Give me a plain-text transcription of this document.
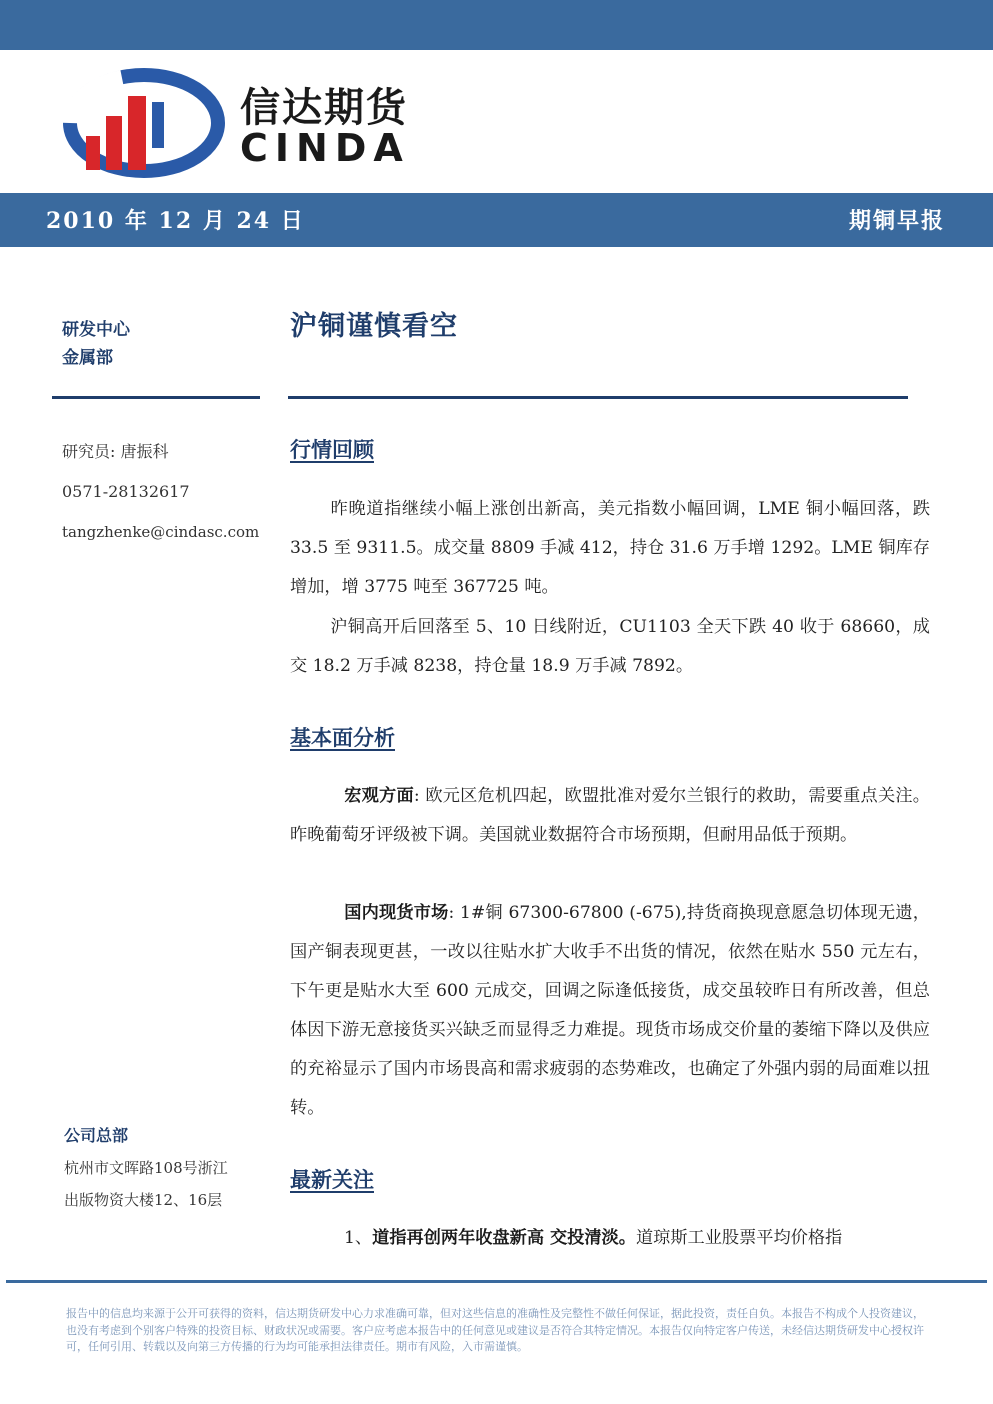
信达期货
CINDA
2010 年 12 月 24 日	期铜早报
研发中心
金属部
沪铜谨慎看空
研究员: 唐振科
0571-28132617
tangzhenke@cindasc.com
公司总部
杭州市文晖路108号浙江
出版物资大楼12、16层
行情回顾
昨晚道指继续小幅上涨创出新高，美元指数小幅回调，LME 铜小幅回落，跌 33.5 至 9311.5。成交量 8809 手减 412，持仓 31.6 万手增 1292。LME 铜库存增加，增 3775 吨至 367725 吨。
沪铜高开后回落至 5、10 日线附近，CU1103 全天下跌 40 收于 68660，成交 18.2 万手减 8238，持仓量 18.9 万手减 7892。
基本面分析
宏观方面: 欧元区危机四起，欧盟批准对爱尔兰银行的救助，需要重点关注。昨晚葡萄牙评级被下调。美国就业数据符合市场预期，但耐用品低于预期。
国内现货市场: 1#铜 67300-67800 (-675),持货商换现意愿急切体现无遗，国产铜表现更甚，一改以往贴水扩大收手不出货的情况，依然在贴水 550 元左右，下午更是贴水大至 600 元成交，回调之际逢低接货，成交虽较昨日有所改善，但总体因下游无意接货买兴缺乏而显得乏力难提。现货市场成交价量的萎缩下降以及供应的充裕显示了国内市场畏高和需求疲弱的态势难改，也确定了外强内弱的局面难以扭转。
最新关注
1、道指再创两年收盘新高 交投清淡。道琼斯工业股票平均价格指
报告中的信息均来源于公开可获得的资料，信达期货研发中心力求准确可靠，但对这些信息的准确性及完整性不做任何保证，据此投资，责任自负。本报告不构成个人投资建议，也没有考虑到个别客户特殊的投资目标、财政状况或需要。客户应考虑本报告中的任何意见或建议是否符合其特定情况。本报告仅向特定客户传送，未经信达期货研发中心授权许可，任何引用、转载以及向第三方传播的行为均可能承担法律责任。期市有风险，入市需谨慎。
